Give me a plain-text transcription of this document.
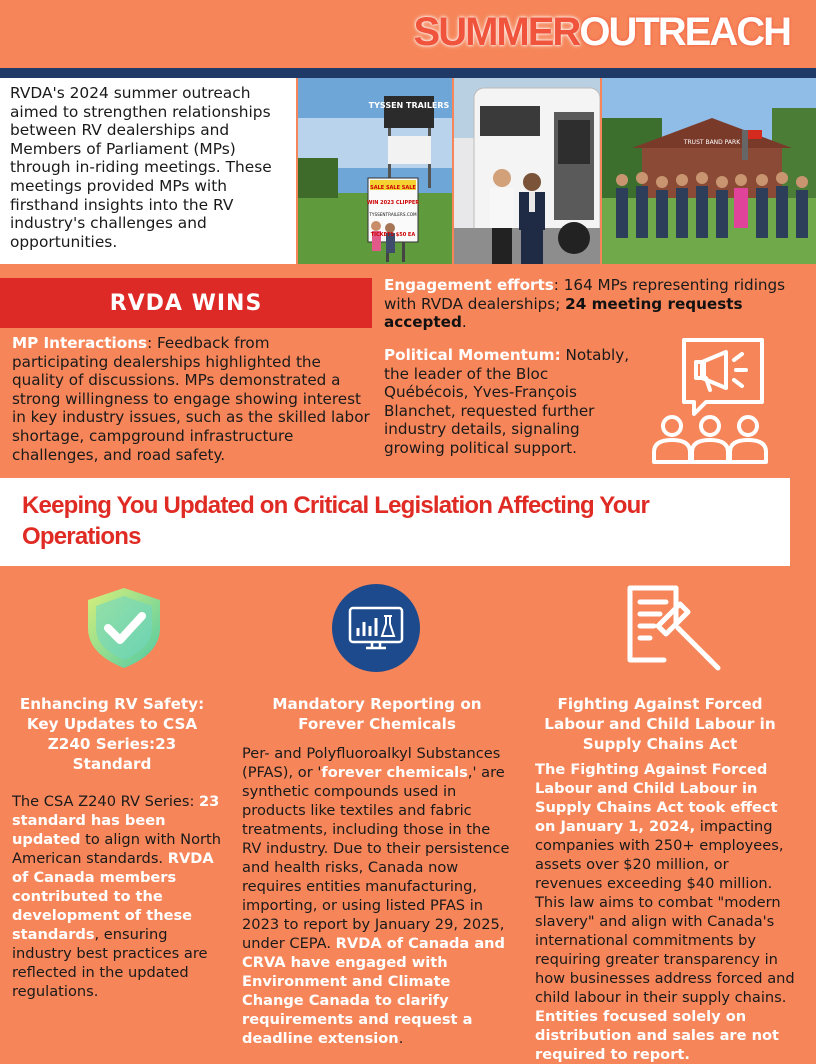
SUMMEROUTREACH
RVDA's 2024 summer outreach aimed to strengthen relationships between RV dealerships and Members of Parliament (MPs) through in-riding meetings. These meetings provided MPs with firsthand insights into the RV industry's challenges and opportunities.
TYSSEN TRAILERS
SALE SALE SALE
WIN 2023 CLIPPER
TYSSENTRAILERS.COM
TICKETS $50 EA
TRUST BAND PARK
RVDA WINS
MP Interactions: Feedback from participating dealerships highlighted the quality of discussions. MPs demonstrated a strong willingness to engage showing interest in key industry issues, such as the skilled labor shortage, campground infrastructure challenges, and road safety.
Engagement efforts: 164 MPs representing ridings with RVDA dealerships; 24 meeting requests accepted.
Political Momentum: Notably, the leader of the Bloc Québécois, Yves-François Blanchet, requested further industry details, signaling growing political support.
Keeping You Updated on Critical Legislation Affecting Your Operations
Enhancing RV Safety: Key Updates to CSA Z240 Series:23 Standard
Mandatory Reporting on Forever Chemicals
Fighting Against Forced Labour and Child Labour in Supply Chains Act
The CSA Z240 RV Series: 23 standard has been updated to align with North American standards. RVDA of Canada members contributed to the development of these standards, ensuring industry best practices are reflected in the updated regulations.
Per- and Polyfluoroalkyl Substances (PFAS), or 'forever chemicals,' are synthetic compounds used in products like textiles and fabric treatments, including those in the RV industry. Due to their persistence and health risks, Canada now requires entities manufacturing, importing, or using listed PFAS in 2023 to report by January 29, 2025, under CEPA. RVDA of Canada and CRVA have engaged with Environment and Climate Change Canada to clarify requirements and request a deadline extension.
The Fighting Against Forced Labour and Child Labour in Supply Chains Act took effect on January 1, 2024, impacting companies with 250+ employees, assets over $20 million, or revenues exceeding $40 million. This law aims to combat "modern slavery" and align with Canada's international commitments by requiring greater transparency in how businesses address forced and child labour in their supply chains. Entities focused solely on distribution and sales are not required to report.
